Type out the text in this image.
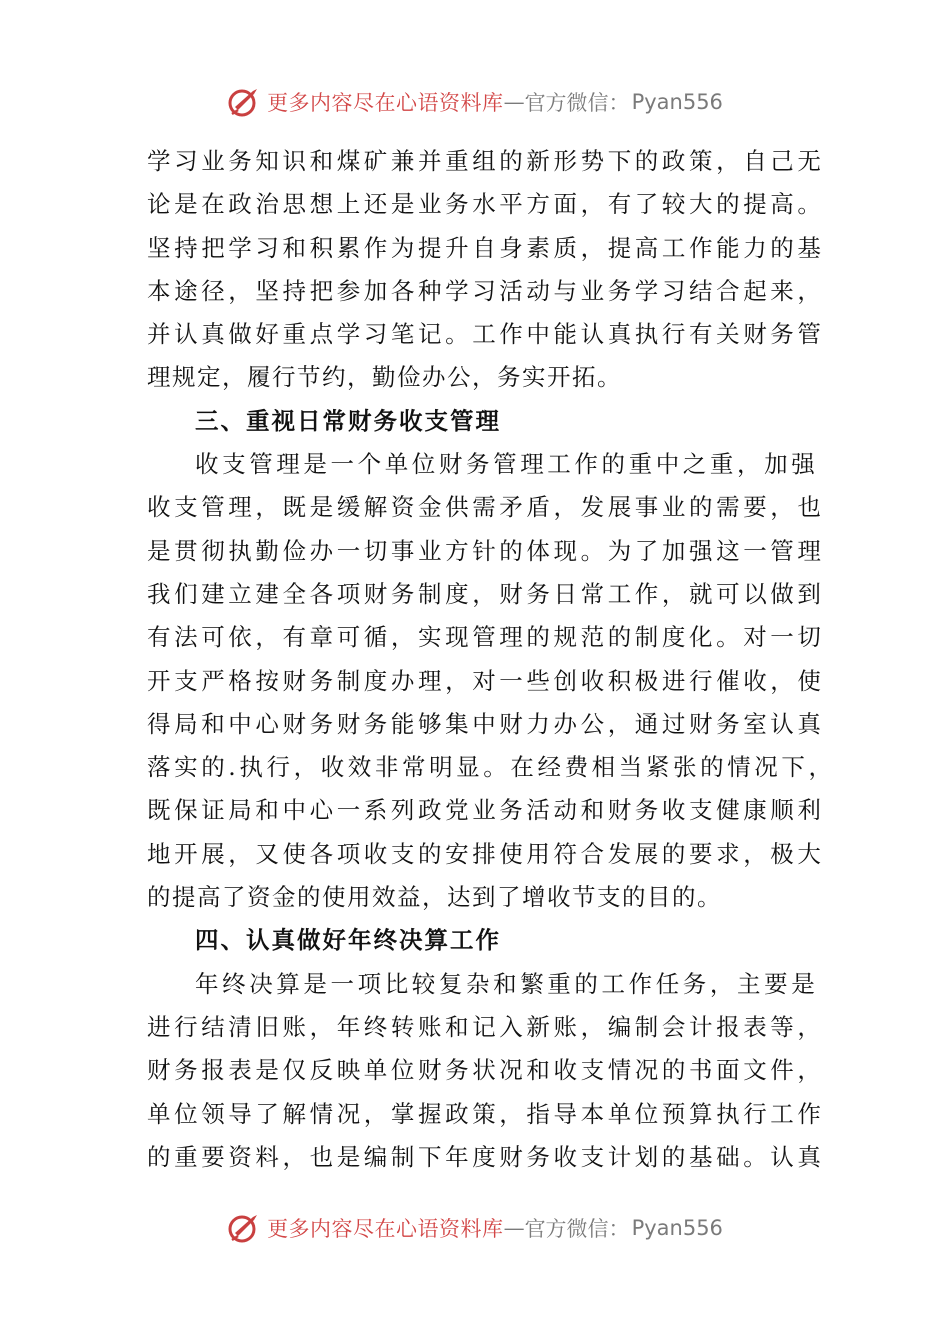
更多内容尽在心语资料库 — 官方微信： Pyan556
学习业务知识和煤矿兼并重组的新形势下的政策，自己无
论是在政治思想上还是业务水平方面，有了较大的提高。
坚持把学习和积累作为提升自身素质，提高工作能力的基
本途径，坚持把参加各种学习活动与业务学习结合起来，
并认真做好重点学习笔记。工作中能认真执行有关财务管
理规定，履行节约，勤俭办公，务实开拓。
三、重视日常财务收支管理
收支管理是一个单位财务管理工作的重中之重，加强
收支管理，既是缓解资金供需矛盾，发展事业的需要，也
是贯彻执勤俭办一切事业方针的体现。为了加强这一管理
我们建立建全各项财务制度，财务日常工作，就可以做到
有法可依，有章可循，实现管理的规范的制度化。对一切
开支严格按财务制度办理，对一些创收积极进行催收，使
得局和中心财务财务能够集中财力办公，通过财务室认真
落实的.执行，收效非常明显。在经费相当紧张的情况下，
既保证局和中心一系列政党业务活动和财务收支健康顺利
地开展，又使各项收支的安排使用符合发展的要求，极大
的提高了资金的使用效益，达到了增收节支的目的。
四、认真做好年终决算工作
年终决算是一项比较复杂和繁重的工作任务，主要是
进行结清旧账，年终转账和记入新账，编制会计报表等，
财务报表是仅反映单位财务状况和收支情况的书面文件，
单位领导了解情况，掌握政策，指导本单位预算执行工作
的重要资料，也是编制下年度财务收支计划的基础。认真
更多内容尽在心语资料库 — 官方微信： Pyan556
